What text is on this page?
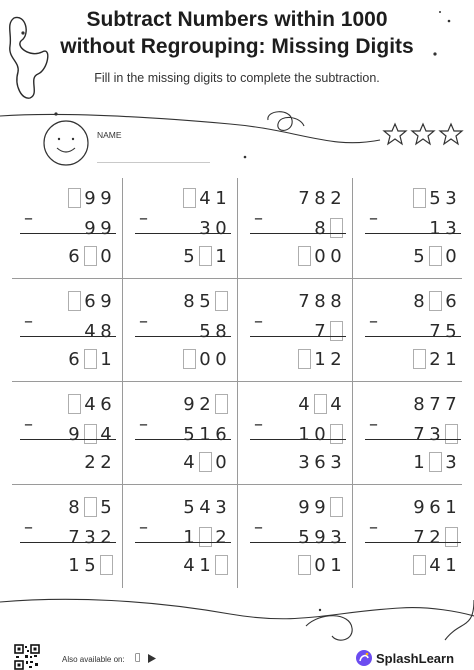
Subtract Numbers within 1000
without Regrouping: Missing Digits
Fill in the missing digits to complete the subtraction.
NAME
9 9
9 9
–
6 0
4 1
3 0
–
5 1
7 8 2
8
–
0 0
5 3
1 3
–
5 0
6 9
4 8
–
6 1
8 5
5 8
–
0 0
7 8 8
7
–
1 2
8 6
7 5
–
2 1
4 6
9 4
–
2 2
9 2
5 1 6
–
4 0
4 4
1 0
–
3 6 3
8 7 7
7 3
–
1 3
8 5
7 3 2
–
1 5
5 4 3
1 2
–
4 1
9 9
5 9 3
–
0 1
9 6 1
7 2
–
4 1
Also available on:	SplashLearn
